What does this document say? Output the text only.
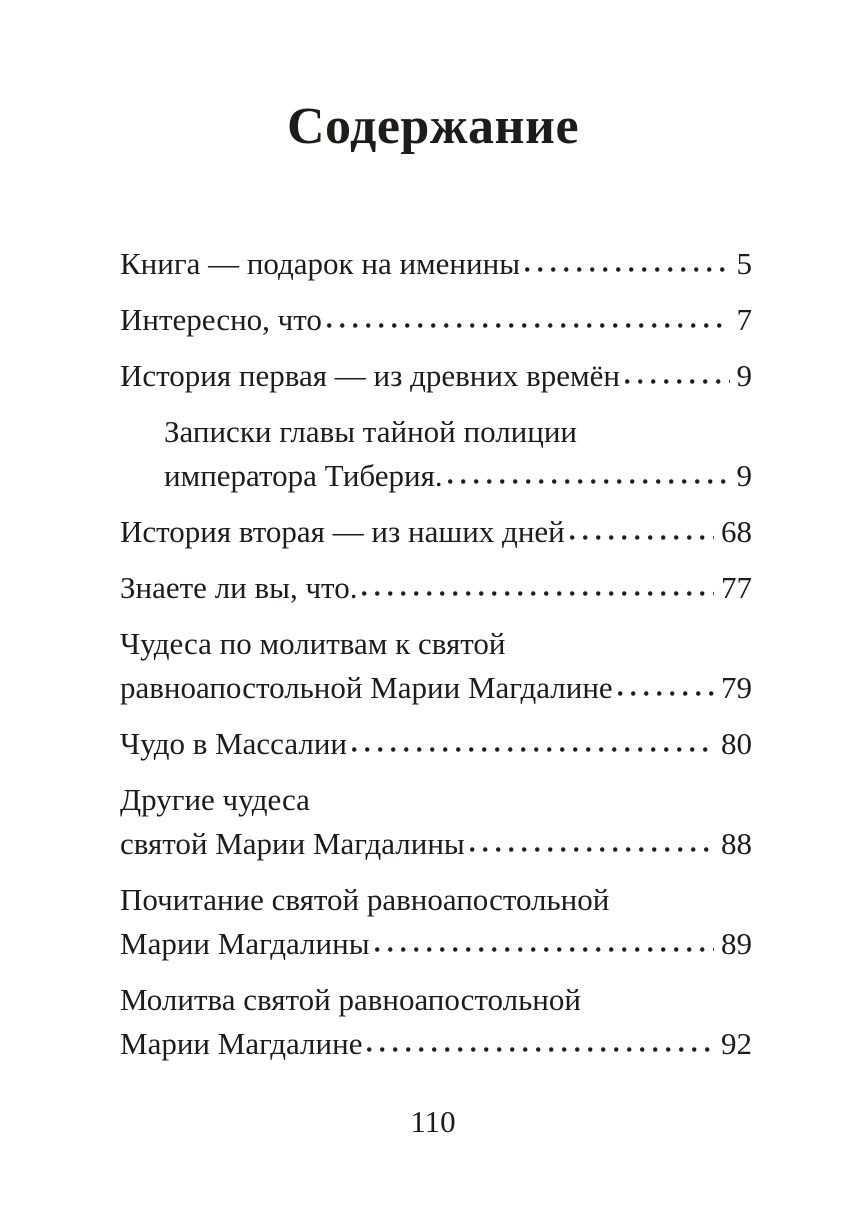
Содержание
Книга — подарок на именины	5
Интересно, что	7
История первая — из древних времён	9
Записки главы тайной полиции
императора Тиберия.	9
История вторая — из наших дней	68
Знаете ли вы, что.	77
Чудеса по молитвам к святой
равноапостольной Марии Магдалине	79
Чудо в Массалии	80
Другие чудеса
святой Марии Магдалины	88
Почитание святой равноапостольной
Марии Магдалины	89
Молитва святой равноапостольной
Марии Магдалине	92
110
